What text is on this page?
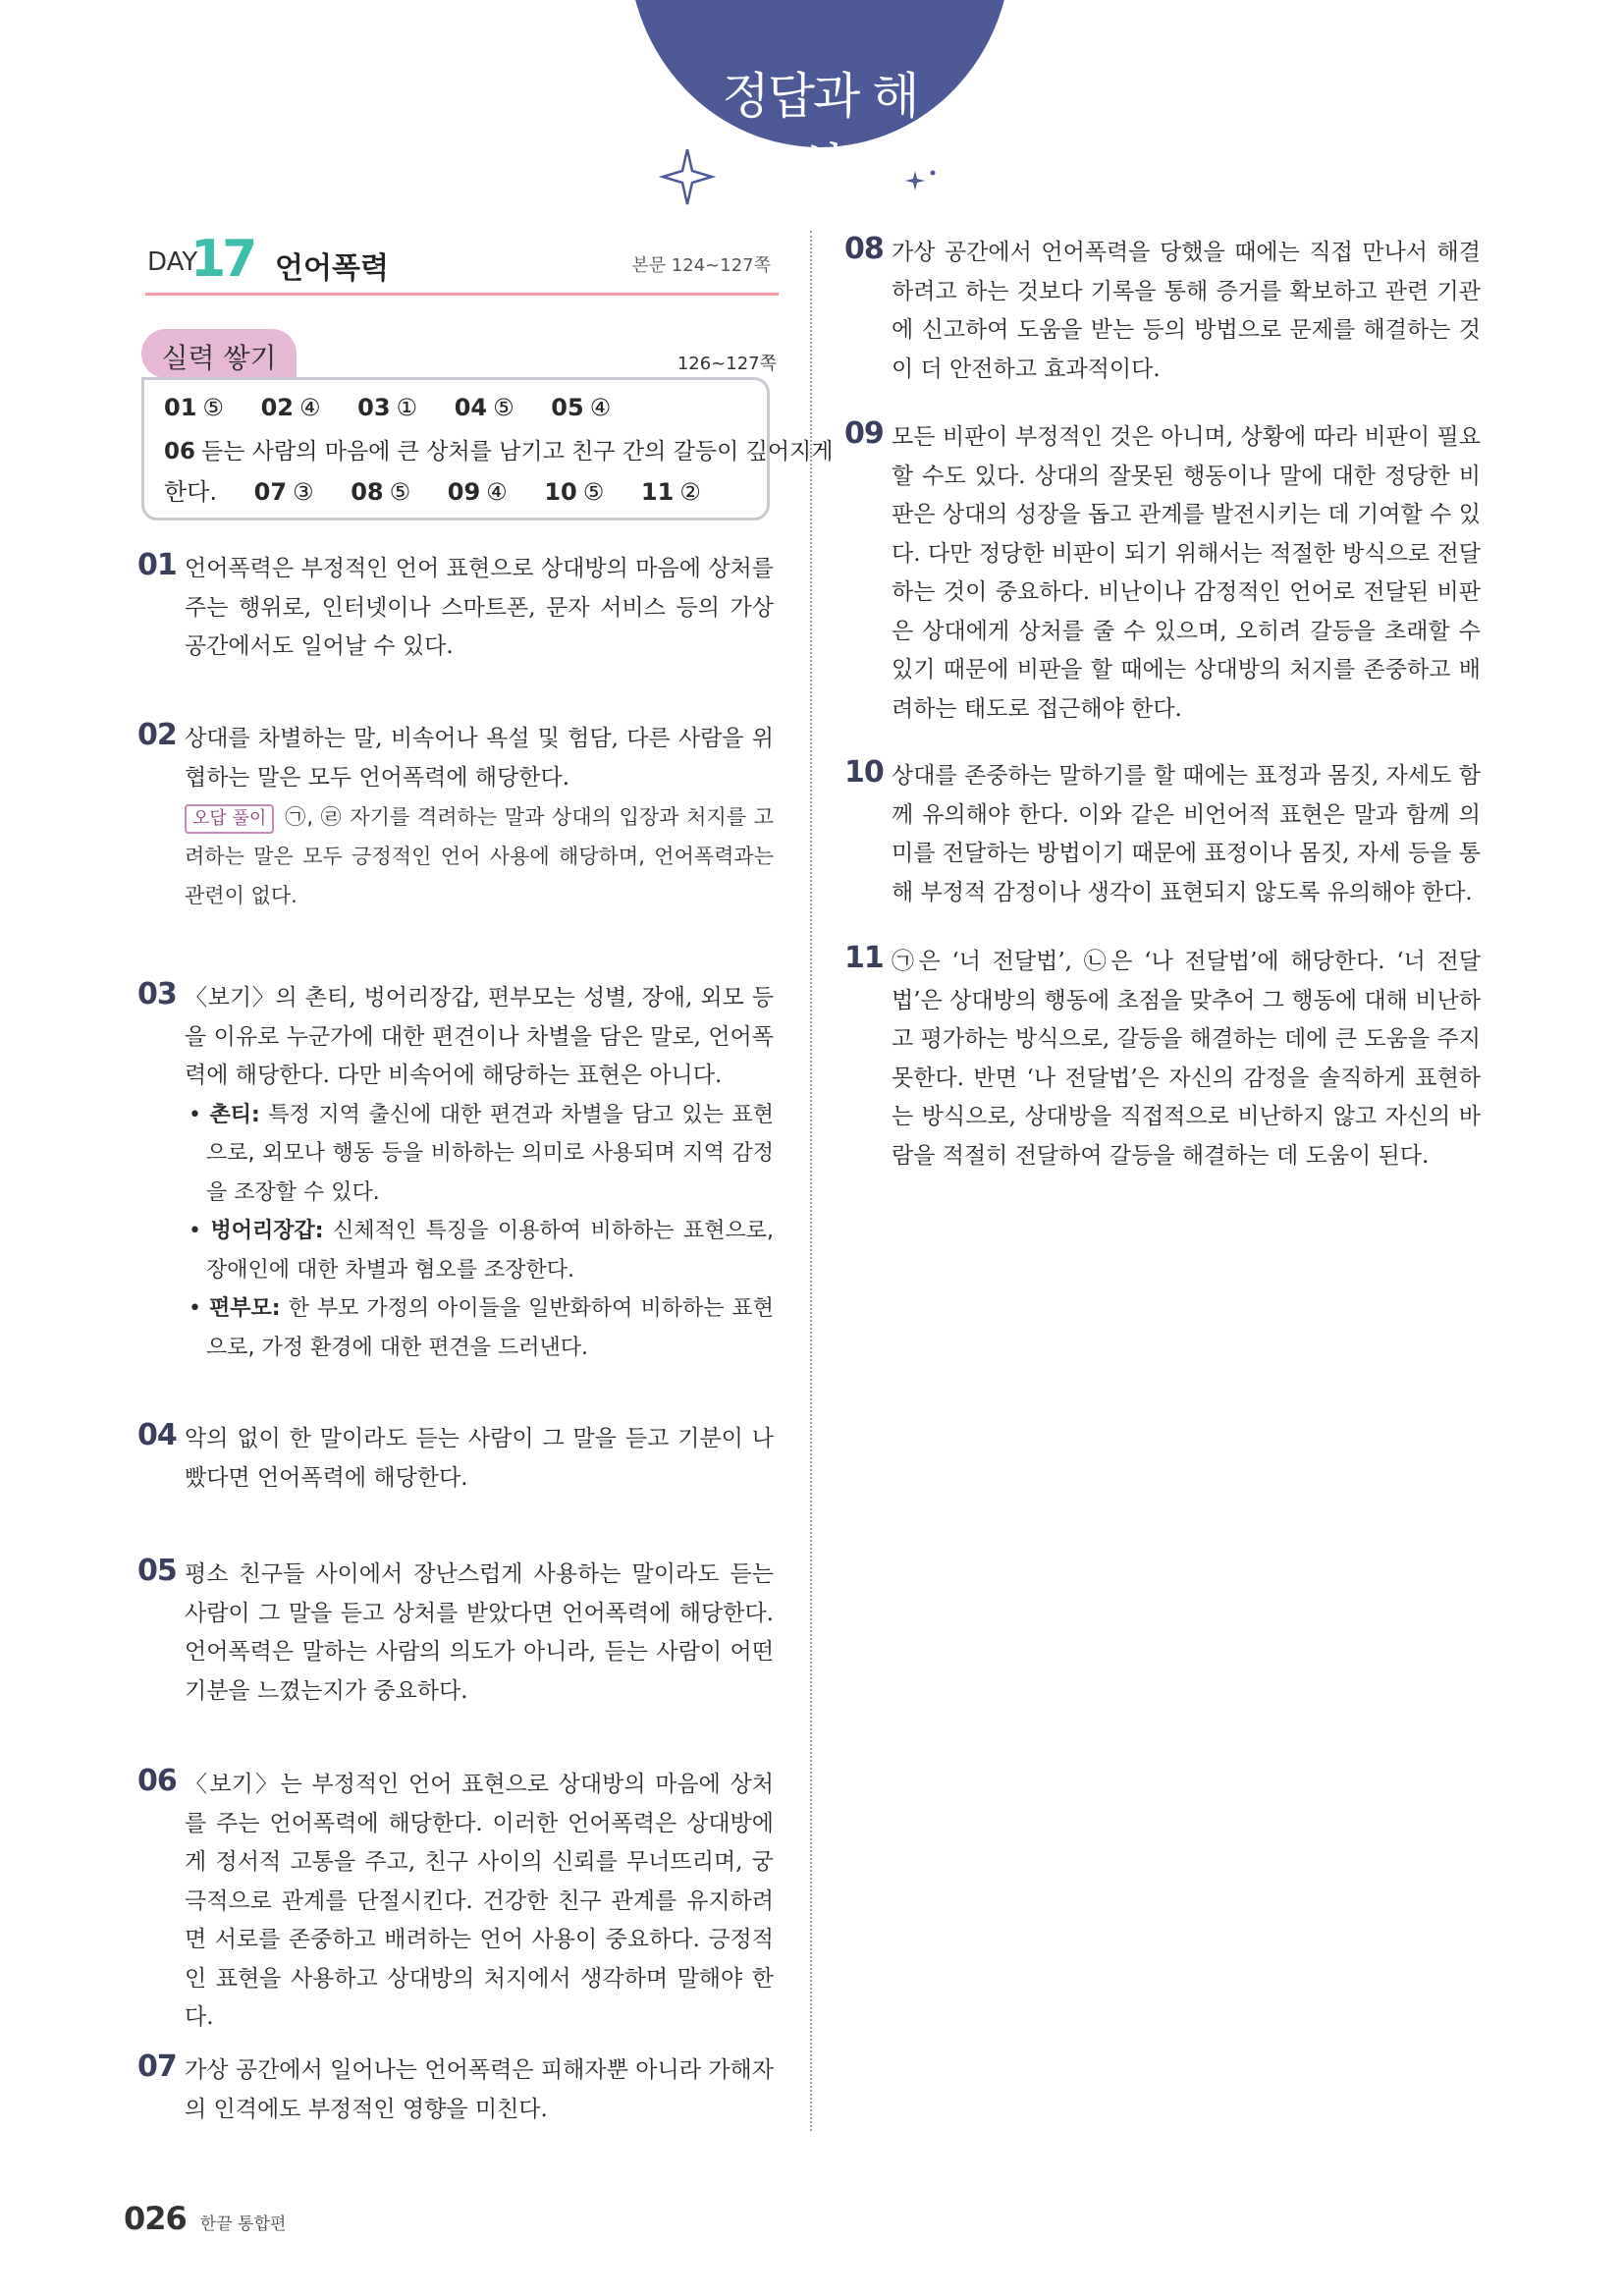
정답과 해설
DAY
17 언어폭력	본문 124~127쪽
실력 쌓기	126~127쪽
01 ⑤ 02 ④ 03 ① 04 ⑤ 05 ④
06 듣는 사람의 마음에 큰 상처를 남기고 친구 간의 갈등이 깊어지게
한다. 07 ③ 08 ⑤ 09 ④ 10 ⑤ 11 ②
01 언어폭력은 부정적인 언어 표현으로 상대방의 마음에 상처를 주는 행위로, 인터넷이나 스마트폰, 문자 서비스 등의 가상 공간에서도 일어날 수 있다.
02 상대를 차별하는 말, 비속어나 욕설 및 험담, 다른 사람을 위협하는 말은 모두 언어폭력에 해당한다.
오답 풀이 ㉠, ㉣ 자기를 격려하는 말과 상대의 입장과 처지를 고려하는 말은 모두 긍정적인 언어 사용에 해당하며, 언어폭력과는 관련이 없다.
03 〈보기〉의 촌티, 벙어리장갑, 편부모는 성별, 장애, 외모 등을 이유로 누군가에 대한 편견이나 차별을 담은 말로, 언어폭력에 해당한다. 다만 비속어에 해당하는 표현은 아니다.
• 촌티: 특정 지역 출신에 대한 편견과 차별을 담고 있는 표현으로, 외모나 행동 등을 비하하는 의미로 사용되며 지역 감정을 조장할 수 있다.
• 벙어리장갑: 신체적인 특징을 이용하여 비하하는 표현으로, 장애인에 대한 차별과 혐오를 조장한다.
• 편부모: 한 부모 가정의 아이들을 일반화하여 비하하는 표현으로, 가정 환경에 대한 편견을 드러낸다.
04 악의 없이 한 말이라도 듣는 사람이 그 말을 듣고 기분이 나빴다면 언어폭력에 해당한다.
05 평소 친구들 사이에서 장난스럽게 사용하는 말이라도 듣는 사람이 그 말을 듣고 상처를 받았다면 언어폭력에 해당한다. 언어폭력은 말하는 사람의 의도가 아니라, 듣는 사람이 어떤 기분을 느꼈는지가 중요하다.
06 〈보기〉는 부정적인 언어 표현으로 상대방의 마음에 상처를 주는 언어폭력에 해당한다. 이러한 언어폭력은 상대방에게 정서적 고통을 주고, 친구 사이의 신뢰를 무너뜨리며, 궁극적으로 관계를 단절시킨다. 건강한 친구 관계를 유지하려면 서로를 존중하고 배려하는 언어 사용이 중요하다. 긍정적인 표현을 사용하고 상대방의 처지에서 생각하며 말해야 한다.
07 가상 공간에서 일어나는 언어폭력은 피해자뿐 아니라 가해자의 인격에도 부정적인 영향을 미친다.
08 가상 공간에서 언어폭력을 당했을 때에는 직접 만나서 해결하려고 하는 것보다 기록을 통해 증거를 확보하고 관련 기관에 신고하여 도움을 받는 등의 방법으로 문제를 해결하는 것이 더 안전하고 효과적이다.
09 모든 비판이 부정적인 것은 아니며, 상황에 따라 비판이 필요할 수도 있다. 상대의 잘못된 행동이나 말에 대한 정당한 비판은 상대의 성장을 돕고 관계를 발전시키는 데 기여할 수 있다. 다만 정당한 비판이 되기 위해서는 적절한 방식으로 전달하는 것이 중요하다. 비난이나 감정적인 언어로 전달된 비판은 상대에게 상처를 줄 수 있으며, 오히려 갈등을 초래할 수 있기 때문에 비판을 할 때에는 상대방의 처지를 존중하고 배려하는 태도로 접근해야 한다.
10 상대를 존중하는 말하기를 할 때에는 표정과 몸짓, 자세도 함께 유의해야 한다. 이와 같은 비언어적 표현은 말과 함께 의미를 전달하는 방법이기 때문에 표정이나 몸짓, 자세 등을 통해 부정적 감정이나 생각이 표현되지 않도록 유의해야 한다.
11 ㉠은 ‘너 전달법’, ㉡은 ‘나 전달법’에 해당한다. ‘너 전달법’은 상대방의 행동에 초점을 맞추어 그 행동에 대해 비난하고 평가하는 방식으로, 갈등을 해결하는 데에 큰 도움을 주지 못한다. 반면 ‘나 전달법’은 자신의 감정을 솔직하게 표현하는 방식으로, 상대방을 직접적으로 비난하지 않고 자신의 바람을 적절히 전달하여 갈등을 해결하는 데 도움이 된다.
026 한끝 통합편
